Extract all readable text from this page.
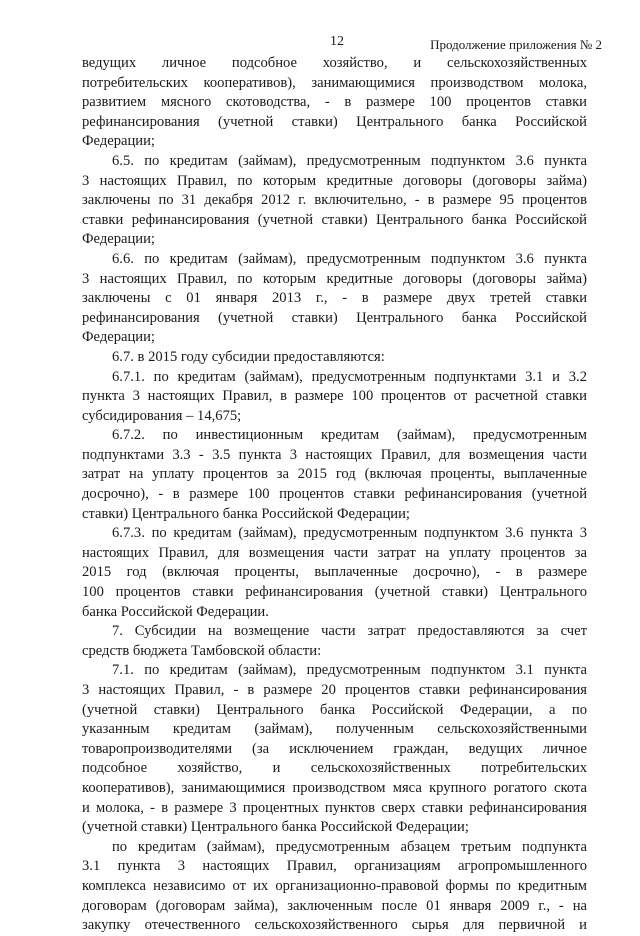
12	Продолжение приложения № 2
ведущих личное подсобное хозяйство, и сельскохозяйственных
потребительских кооперативов), занимающимися производством молока,
развитием мясного скотоводства, - в размере 100 процентов ставки
рефинансирования (учетной ставки) Центрального банка Российской
Федерации;
6.5. по кредитам (займам), предусмотренным подпунктом 3.6 пункта
3 настоящих Правил, по которым кредитные договоры (договоры займа)
заключены по 31 декабря 2012 г. включительно, - в размере 95 процентов
ставки рефинансирования (учетной ставки) Центрального банка Российской
Федерации;
6.6. по кредитам (займам), предусмотренным подпунктом 3.6 пункта
3 настоящих Правил, по которым кредитные договоры (договоры займа)
заключены с 01 января 2013 г., - в размере двух третей ставки
рефинансирования (учетной ставки) Центрального банка Российской
Федерации;
6.7. в 2015 году субсидии предоставляются:
6.7.1. по кредитам (займам), предусмотренным подпунктами 3.1 и 3.2
пункта 3 настоящих Правил, в размере 100 процентов от расчетной ставки
субсидирования – 14,675;
6.7.2. по инвестиционным кредитам (займам), предусмотренным
подпунктами 3.3 - 3.5 пункта 3 настоящих Правил, для возмещения части
затрат на уплату процентов за 2015 год (включая проценты, выплаченные
досрочно), - в размере 100 процентов ставки рефинансирования (учетной
ставки) Центрального банка Российской Федерации;
6.7.3. по кредитам (займам), предусмотренным подпунктом 3.6 пункта 3
настоящих Правил, для возмещения части затрат на уплату процентов за
2015 год (включая проценты, выплаченные досрочно), - в размере
100 процентов ставки рефинансирования (учетной ставки) Центрального
банка Российской Федерации.
7. Субсидии на возмещение части затрат предоставляются за счет
средств бюджета Тамбовской области:
7.1. по кредитам (займам), предусмотренным подпунктом 3.1 пункта
3 настоящих Правил, - в размере 20 процентов ставки рефинансирования
(учетной ставки) Центрального банка Российской Федерации, а по
указанным кредитам (займам), полученным сельскохозяйственными
товаропроизводителями (за исключением граждан, ведущих личное
подсобное хозяйство, и сельскохозяйственных потребительских
кооперативов), занимающимися производством мяса крупного рогатого скота
и молока, - в размере 3 процентных пунктов сверх ставки рефинансирования
(учетной ставки) Центрального банка Российской Федерации;
по кредитам (займам), предусмотренным абзацем третьим подпункта
3.1 пункта 3 настоящих Правил, организациям агропромышленного
комплекса независимо от их организационно-правовой формы по кредитным
договорам (договорам займа), заключенным после 01 января 2009 г., - на
закупку отечественного сельскохозяйственного сырья для первичной и
